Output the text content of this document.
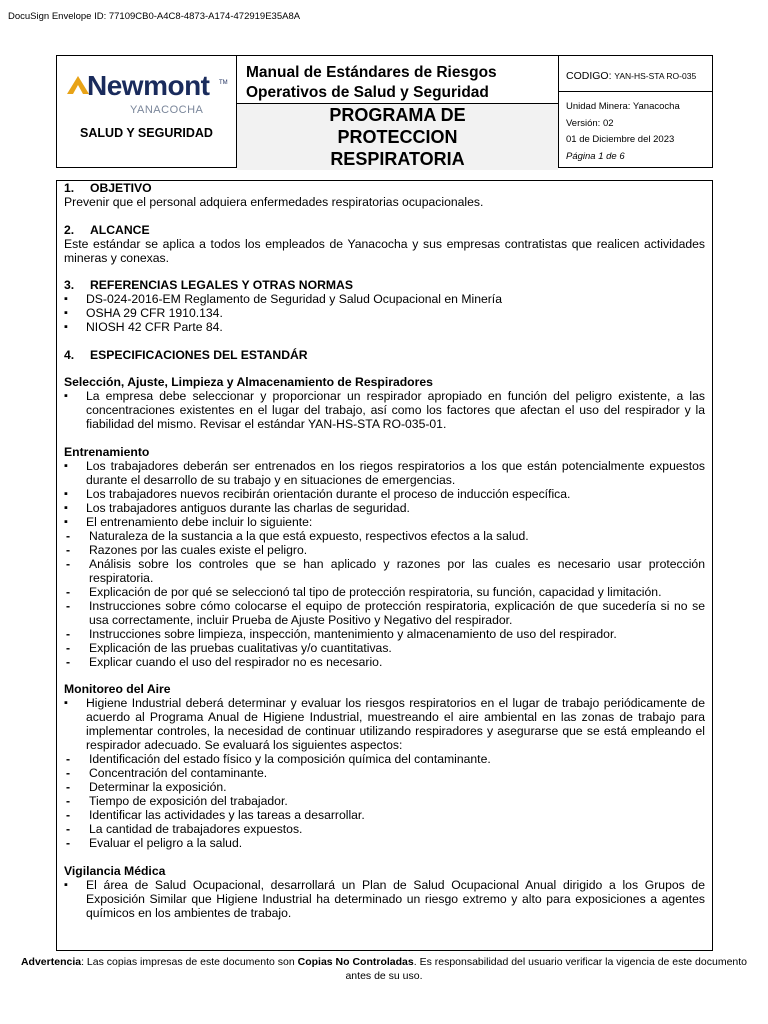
DocuSign Envelope ID: 77109CB0-A4C8-4873-A174-472919E35A8A
Newmont TM
YANACOCHA
SALUD Y SEGURIDAD
Manual de Estándares de Riesgos Operativos de Salud y Seguridad
PROGRAMA DE PROTECCION RESPIRATORIA
CODIGO: YAN-HS-STA RO-035
Unidad Minera: Yanacocha
Versión: 02
01 de Diciembre del 2023
Página 1 de 6
1. OBJETIVO

Prevenir que el personal adquiera enfermedades respiratorias ocupacionales.

2. ALCANCE

Este estándar se aplica a todos los empleados de Yanacocha y sus empresas contratistas que realicen actividades mineras y conexas.

3. REFERENCIAS LEGALES Y OTRAS NORMAS
▪ DS-024-2016-EM Reglamento de Seguridad y Salud Ocupacional en Minería
▪ OSHA 29 CFR 1910.134.
▪ NIOSH 42 CFR Parte 84.
4. ESPECIFICACIONES DEL ESTANDÁR
Selección, Ajuste, Limpieza y Almacenamiento de Respiradores
▪ La empresa debe seleccionar y proporcionar un respirador apropiado en función del peligro existente, a las concentraciones existentes en el lugar del trabajo, así como los factores que afectan el uso del respirador y la fiabilidad del mismo. Revisar el estándar YAN-HS-STA RO-035-01.
Entrenamiento
▪ Los trabajadores deberán ser entrenados en los riegos respiratorios a los que están potencialmente expuestos durante el desarrollo de su trabajo y en situaciones de emergencias.
▪ Los trabajadores nuevos recibirán orientación durante el proceso de inducción específica.
▪ Los trabajadores antiguos durante las charlas de seguridad.
▪ El entrenamiento debe incluir lo siguiente:
- Naturaleza de la sustancia a la que está expuesto, respectivos efectos a la salud.
- Razones por las cuales existe el peligro.
- Análisis sobre los controles que se han aplicado y razones por las cuales es necesario usar protección respiratoria.
- Explicación de por qué se seleccionó tal tipo de protección respiratoria, su función, capacidad y limitación.
- Instrucciones sobre cómo colocarse el equipo de protección respiratoria, explicación de que sucedería si no se usa correctamente, incluir Prueba de Ajuste Positivo y Negativo del respirador.
- Instrucciones sobre limpieza, inspección, mantenimiento y almacenamiento de uso del respirador.
- Explicación de las pruebas cualitativas y/o cuantitativas.
- Explicar cuando el uso del respirador no es necesario.
Monitoreo del Aire
▪ Higiene Industrial deberá determinar y evaluar los riesgos respiratorios en el lugar de trabajo periódicamente de acuerdo al Programa Anual de Higiene Industrial, muestreando el aire ambiental en las zonas de trabajo para implementar controles, la necesidad de continuar utilizando respiradores y asegurarse que se está empleando el respirador adecuado. Se evaluará los siguientes aspectos:
- Identificación del estado físico y la composición química del contaminante.
- Concentración del contaminante.
- Determinar la exposición.
- Tiempo de exposición del trabajador.
- Identificar las actividades y las tareas a desarrollar.
- La cantidad de trabajadores expuestos.
- Evaluar el peligro a la salud.
Vigilancia Médica
▪ El área de Salud Ocupacional, desarrollará un Plan de Salud Ocupacional Anual dirigido a los Grupos de Exposición Similar que Higiene Industrial ha determinado un riesgo extremo y alto para exposiciones a agentes químicos en los ambientes de trabajo.
Advertencia: Las copias impresas de este documento son Copias No Controladas. Es responsabilidad del usuario verificar la vigencia de este documento antes de su uso.
